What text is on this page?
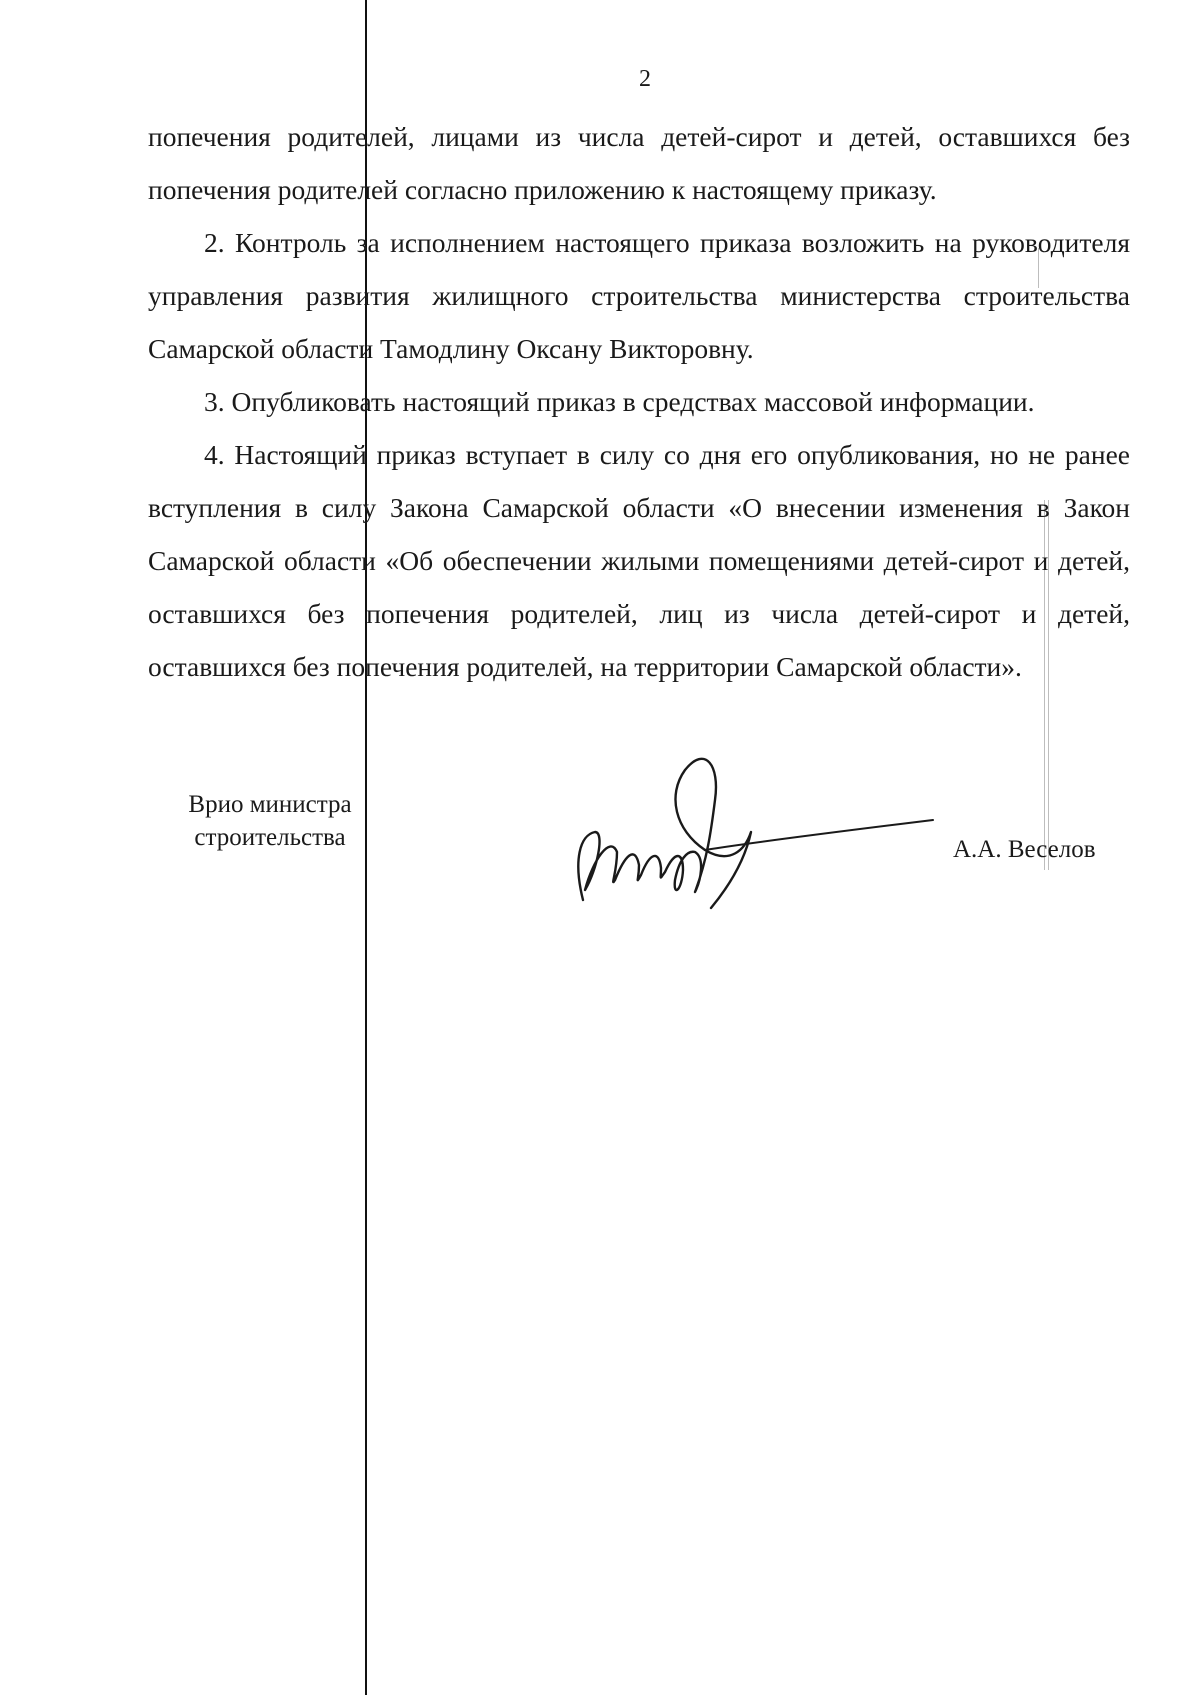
2

попечения родителей, лицами из числа детей-сирот и детей, оставшихся без попечения родителей согласно приложению к настоящему приказу.

2. Контроль за исполнением настоящего приказа возложить на руководителя управления развития жилищного строительства министерства строительства Самарской области Тамодлину Оксану Викторовну.

3. Опубликовать настоящий приказ в средствах массовой информации.

4. Настоящий приказ вступает в силу со дня его опубликования, но не ранее вступления в силу Закона Самарской области «О внесении изменения в Закон Самарской области «Об обеспечении жилыми помещениями детей-сирот и детей, оставшихся без попечения родителей, лиц из числа детей-сирот и детей, оставшихся без попечения родителей, на территории Самарской области».

Врио министра
строительства	А.А. Веселов
